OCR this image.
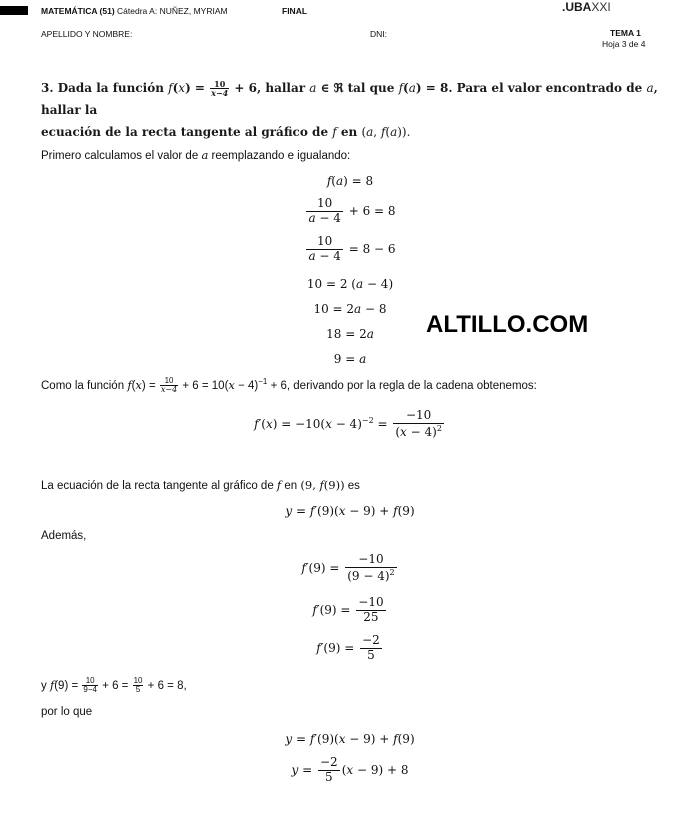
MATEMÁTICA (51) Cátedra A: NUÑEZ, MYRIAM	FINAL	.UBAXXI
APELLIDO Y NOMBRE:	DNI:	TEMA 1
Hoja 3 de 4
3. Dada la función $f(x) = \frac{10}{x-4} + 6$, hallar a ∈ ℜ tal que f(a) = 8. Para el valor encontrado de a, hallar la
ecuación de la recta tangente al gráfico de f en (a, f(a)).
Primero calculamos el valor de a reemplazando e igualando:
f(a) = 8
$\frac{10}{a - 4} + 6 = 8$
$\frac{10}{a - 4} = 8 - 6$
10 = 2 (a − 4)
10 = 2a − 8
18 = 2a
9 = a
ALTILLO.COM
Como la función $f(x) = \frac{10}{x-4} + 6 = 10(x - 4)^{-1} + 6$, derivando por la regla de la cadena obtenemos:
$f'(x) = -10(x - 4)^{-2} = \frac{-10}{(x - 4)^2}$
La ecuación de la recta tangente al gráfico de f en (9, f(9)) es
y = f′(9)(x − 9) + f(9)
Además,
$f'(9) = \frac{-10}{(9 - 4)^2}$
$f'(9) = \frac{-10}{25}$
$f'(9) = \frac{-2}{5}$
y $f(9) = \frac{10}{9-4} + 6 = \frac{10}{5} + 6 = 8$,
por lo que
y = f′(9)(x − 9) + f(9)
$y = \frac{-2}{5} (x - 9) + 8$
